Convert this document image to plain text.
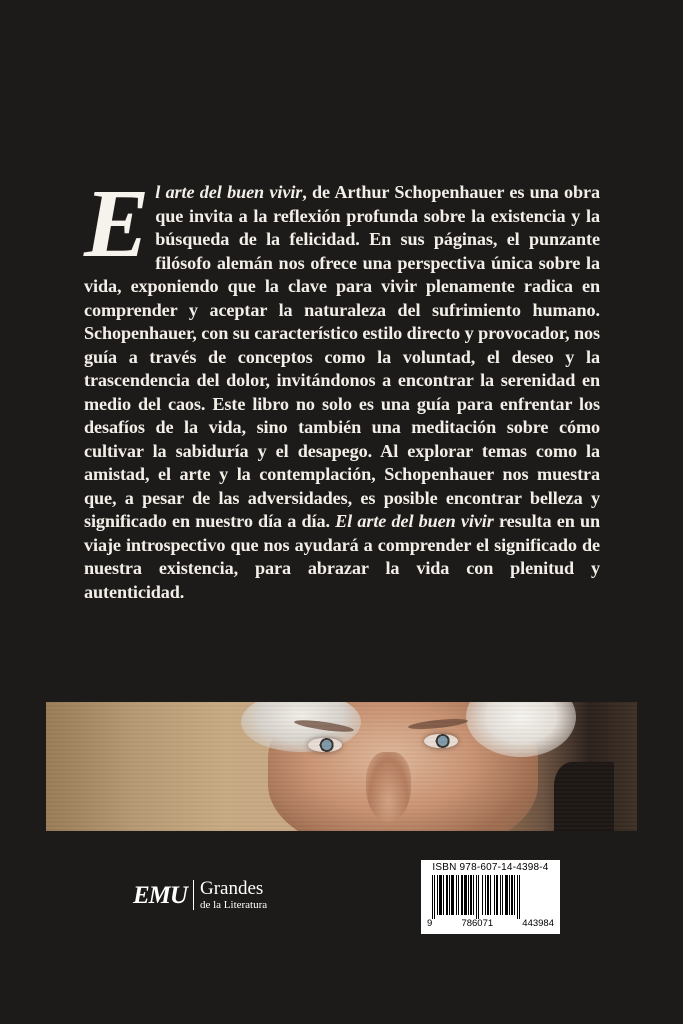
El arte del buen vivir, de Arthur Schopenhauer es una obra que invita a la reflexión profunda sobre la existencia y la búsqueda de la felicidad. En sus páginas, el punzante filósofo alemán nos ofrece una perspectiva única sobre la vida, exponiendo que la clave para vivir plenamente radica en comprender y aceptar la naturaleza del sufrimiento humano. Schopenhauer, con su característico estilo directo y provocador, nos guía a través de conceptos como la voluntad, el deseo y la trascendencia del dolor, invitándonos a encontrar la serenidad en medio del caos. Este libro no solo es una guía para enfrentar los desafíos de la vida, sino también una meditación sobre cómo cultivar la sabiduría y el desapego. Al explorar temas como la amistad, el arte y la contemplación, Schopenhauer nos muestra que, a pesar de las adversidades, es posible encontrar belleza y significado en nuestro día a día. El arte del buen vivir resulta en un viaje introspectivo que nos ayudará a comprender el significado de nuestra existencia, para abrazar la vida con plenitud y autenticidad.
EMU Grandes
de la Literatura
ISBN 978-607-14-4398-4
9	786071	443984
